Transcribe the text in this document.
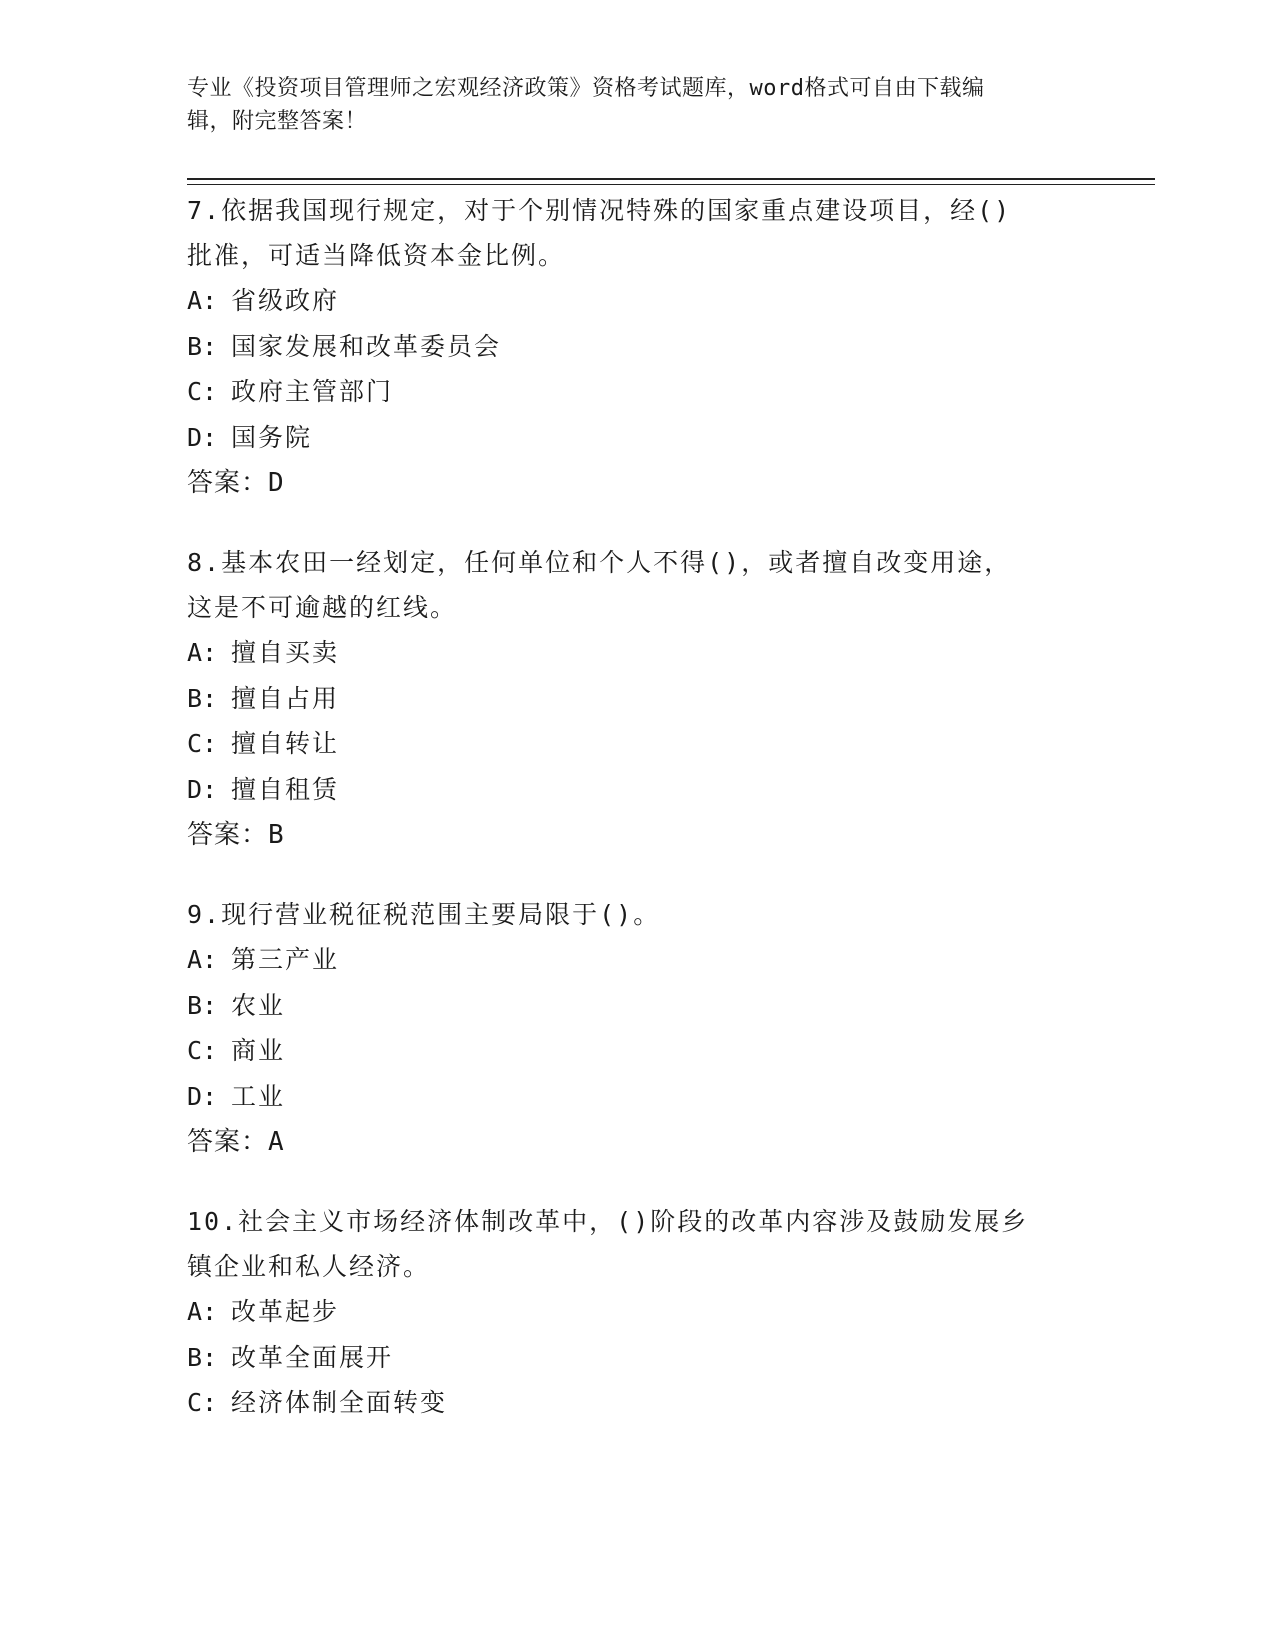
专业《投资项目管理师之宏观经济政策》资格考试题库，word格式可自由下载编
辑，附完整答案！
7.依据我国现行规定，对于个别情况特殊的国家重点建设项目，经()
批准，可适当降低资本金比例。
A: 省级政府
B: 国家发展和改革委员会
C: 政府主管部门
D: 国务院
答案：D
8.基本农田一经划定，任何单位和个人不得()，或者擅自改变用途，
这是不可逾越的红线。
A: 擅自买卖
B: 擅自占用
C: 擅自转让
D: 擅自租赁
答案：B
9.现行营业税征税范围主要局限于()。
A: 第三产业
B: 农业
C: 商业
D: 工业
答案：A
10.社会主义市场经济体制改革中，()阶段的改革内容涉及鼓励发展乡
镇企业和私人经济。
A: 改革起步
B: 改革全面展开
C: 经济体制全面转变
